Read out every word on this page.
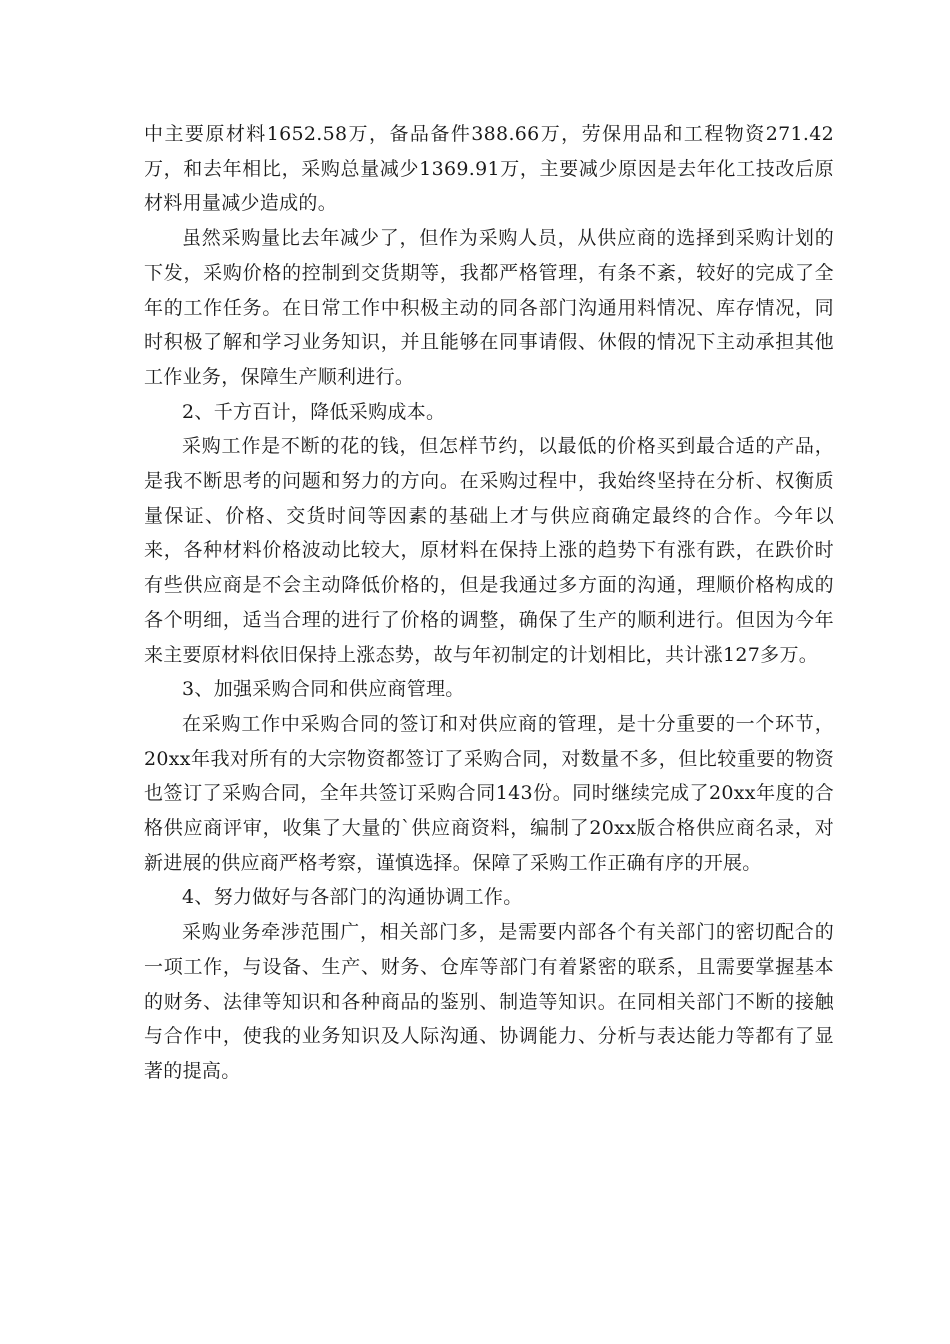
中主要原材料1652.58万，备品备件388.66万，劳保用品和工程物资271.42万，和去年相比，采购总量减少1369.91万，主要减少原因是去年化工技改后原材料用量减少造成的。

虽然采购量比去年减少了，但作为采购人员，从供应商的选择到采购计划的下发，采购价格的控制到交货期等，我都严格管理，有条不紊，较好的完成了全年的工作任务。在日常工作中积极主动的同各部门沟通用料情况、库存情况，同时积极了解和学习业务知识，并且能够在同事请假、休假的情况下主动承担其他工作业务，保障生产顺利进行。

2、千方百计，降低采购成本。

采购工作是不断的花的钱，但怎样节约，以最低的价格买到最合适的产品，是我不断思考的问题和努力的方向。在采购过程中，我始终坚持在分析、权衡质量保证、价格、交货时间等因素的基础上才与供应商确定最终的合作。今年以来，各种材料价格波动比较大，原材料在保持上涨的趋势下有涨有跌，在跌价时有些供应商是不会主动降低价格的，但是我通过多方面的沟通，理顺价格构成的各个明细，适当合理的进行了价格的调整，确保了生产的顺利进行。但因为今年来主要原材料依旧保持上涨态势，故与年初制定的计划相比，共计涨127多万。

3、加强采购合同和供应商管理。

在采购工作中采购合同的签订和对供应商的管理，是十分重要的一个环节，20xx年我对所有的大宗物资都签订了采购合同，对数量不多，但比较重要的物资也签订了采购合同，全年共签订采购合同143份。同时继续完成了20xx年度的合格供应商评审，收集了大量的`供应商资料，编制了20xx版合格供应商名录，对新进展的供应商严格考察，谨慎选择。保障了采购工作正确有序的开展。

4、努力做好与各部门的沟通协调工作。

采购业务牵涉范围广，相关部门多，是需要内部各个有关部门的密切配合的一项工作，与设备、生产、财务、仓库等部门有着紧密的联系，且需要掌握基本的财务、法律等知识和各种商品的鉴别、制造等知识。在同相关部门不断的接触与合作中，使我的业务知识及人际沟通、协调能力、分析与表达能力等都有了显著的提高。
